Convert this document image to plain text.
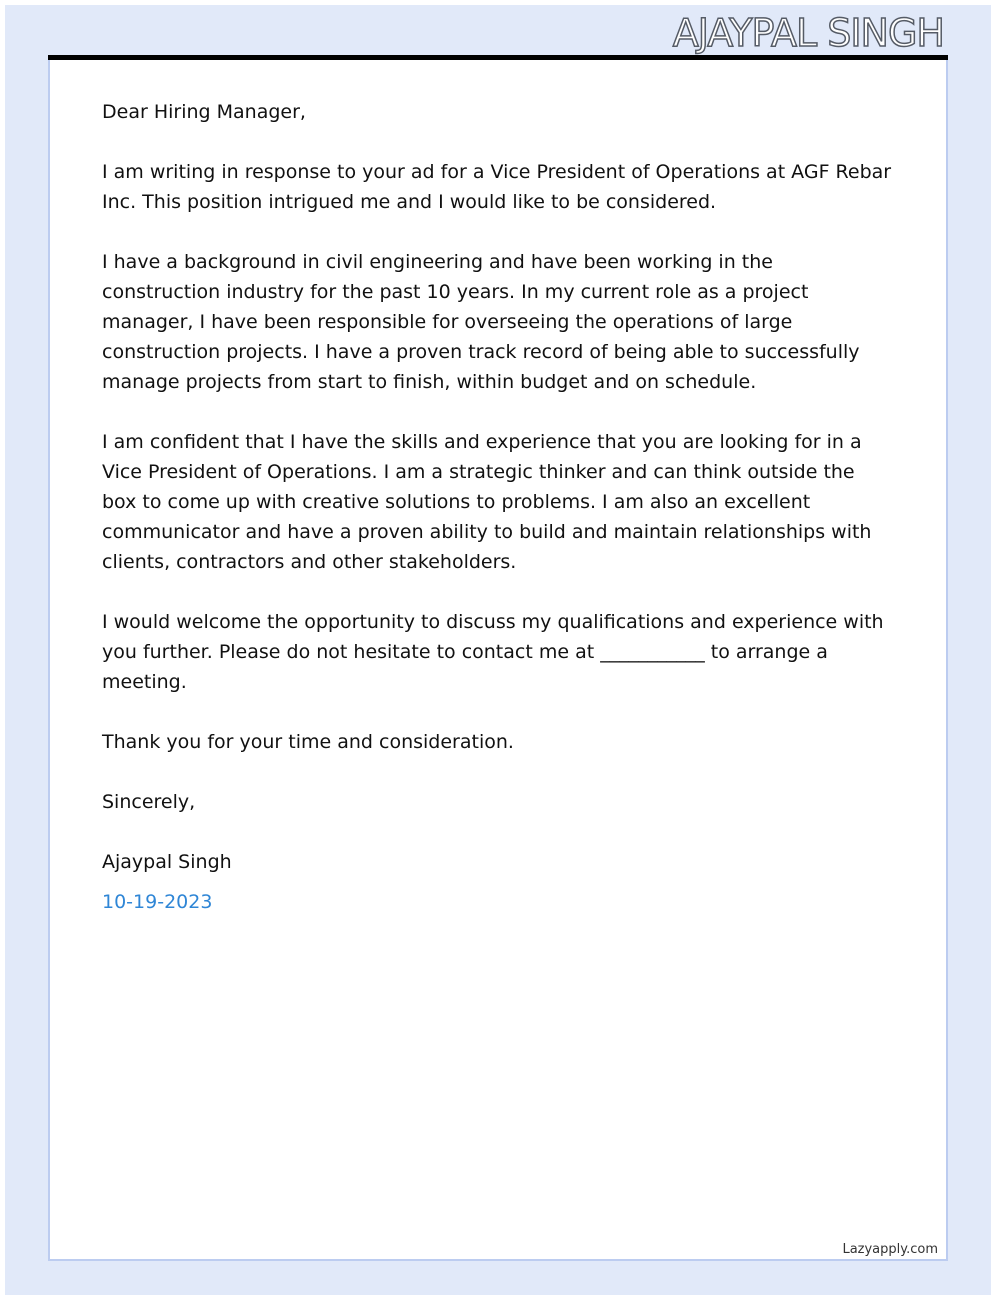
AJAYPAL SINGH

Dear Hiring Manager,

I am writing in response to your ad for a Vice President of Operations at AGF Rebar Inc. This position intrigued me and I would like to be considered.

I have a background in civil engineering and have been working in the construction industry for the past 10 years. In my current role as a project manager, I have been responsible for overseeing the operations of large construction projects. I have a proven track record of being able to successfully manage projects from start to finish, within budget and on schedule.

I am confident that I have the skills and experience that you are looking for in a Vice President of Operations. I am a strategic thinker and can think outside the box to come up with creative solutions to problems. I am also an excellent communicator and have a proven ability to build and maintain relationships with clients, contractors and other stakeholders.

I would welcome the opportunity to discuss my qualifications and experience with you further. Please do not hesitate to contact me at ___________ to arrange a meeting.

Thank you for your time and consideration.

Sincerely,

Ajaypal Singh

10-19-2023

Lazyapply.com
